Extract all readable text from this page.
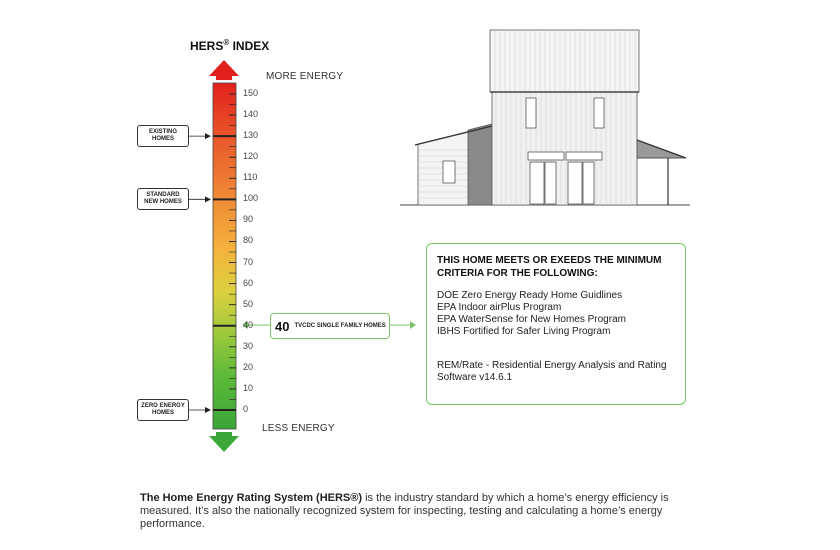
HERS® INDEX
MORE ENERGY
LESS ENERGY
150
140
130
120
110
100
90
80
70
60
50
40
30
20
10
0
EXISTING
HOMES
STANDARD
NEW HOMES
ZERO ENERGY
HOMES
40 TVCDC SINGLE FAMILY HOMES
THIS HOME MEETS OR EXEEDS THE MINIMUM CRITERIA FOR THE FOLLOWING:
DOE Zero Energy Ready Home Guidlines
EPA Indoor airPlus Program
EPA WaterSense for New Homes Program
IBHS Fortified for Safer Living Program
REM/Rate - Residential Energy Analysis and Rating Software v14.6.1
The Home Energy Rating System (HERS®) is the industry standard by which a home’s energy efficiency is measured. It’s also the nationally recognized system for inspecting, testing and calculating a home’s energy performance.
